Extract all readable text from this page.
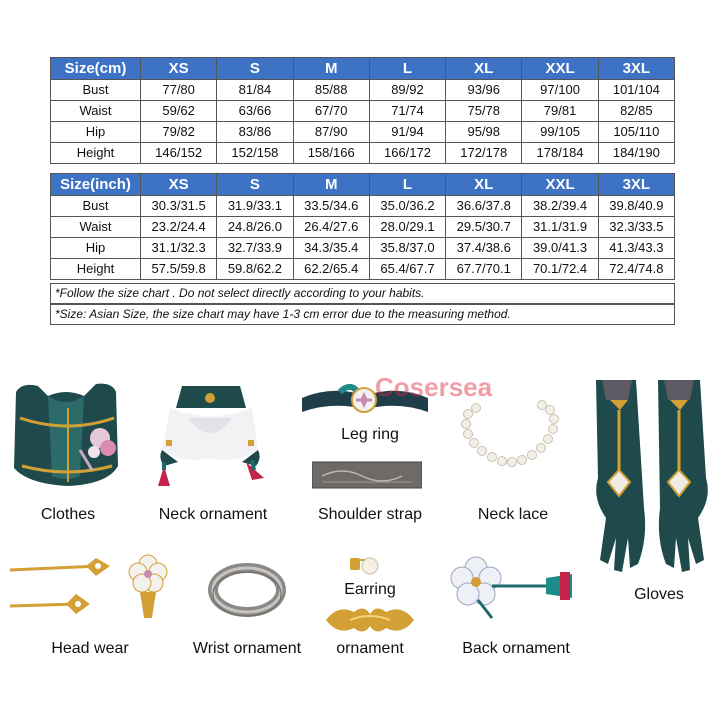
Size(cm)	XS	S	M	L	XL	XXL	3XL
Bust	77/80	81/84	85/88	89/92	93/96	97/100	101/104
Waist	59/62	63/66	67/70	71/74	75/78	79/81	82/85
Hip	79/82	83/86	87/90	91/94	95/98	99/105	105/110
Height	146/152	152/158	158/166	166/172	172/178	178/184	184/190
Size(inch)	XS	S	M	L	XL	XXL	3XL
Bust	30.3/31.5	31.9/33.1	33.5/34.6	35.0/36.2	36.6/37.8	38.2/39.4	39.8/40.9
Waist	23.2/24.4	24.8/26.0	26.4/27.6	28.0/29.1	29.5/30.7	31.1/31.9	32.3/33.5
Hip	31.1/32.3	32.7/33.9	34.3/35.4	35.8/37.0	37.4/38.6	39.0/41.3	41.3/43.3
Height	57.5/59.8	59.8/62.2	62.2/65.4	65.4/67.7	67.7/70.1	70.1/72.4	72.4/74.8
*Follow the size chart . Do not select directly according to your habits.
*Size: Asian Size, the size chart may have 1-3 cm error due to the measuring method.
Clothes	Neck ornament
Leg ring
Shoulder strap	Neck lace
Gloves
Head wear	Wrist ornament
Earring
ornament	Back ornament
Cosersea
